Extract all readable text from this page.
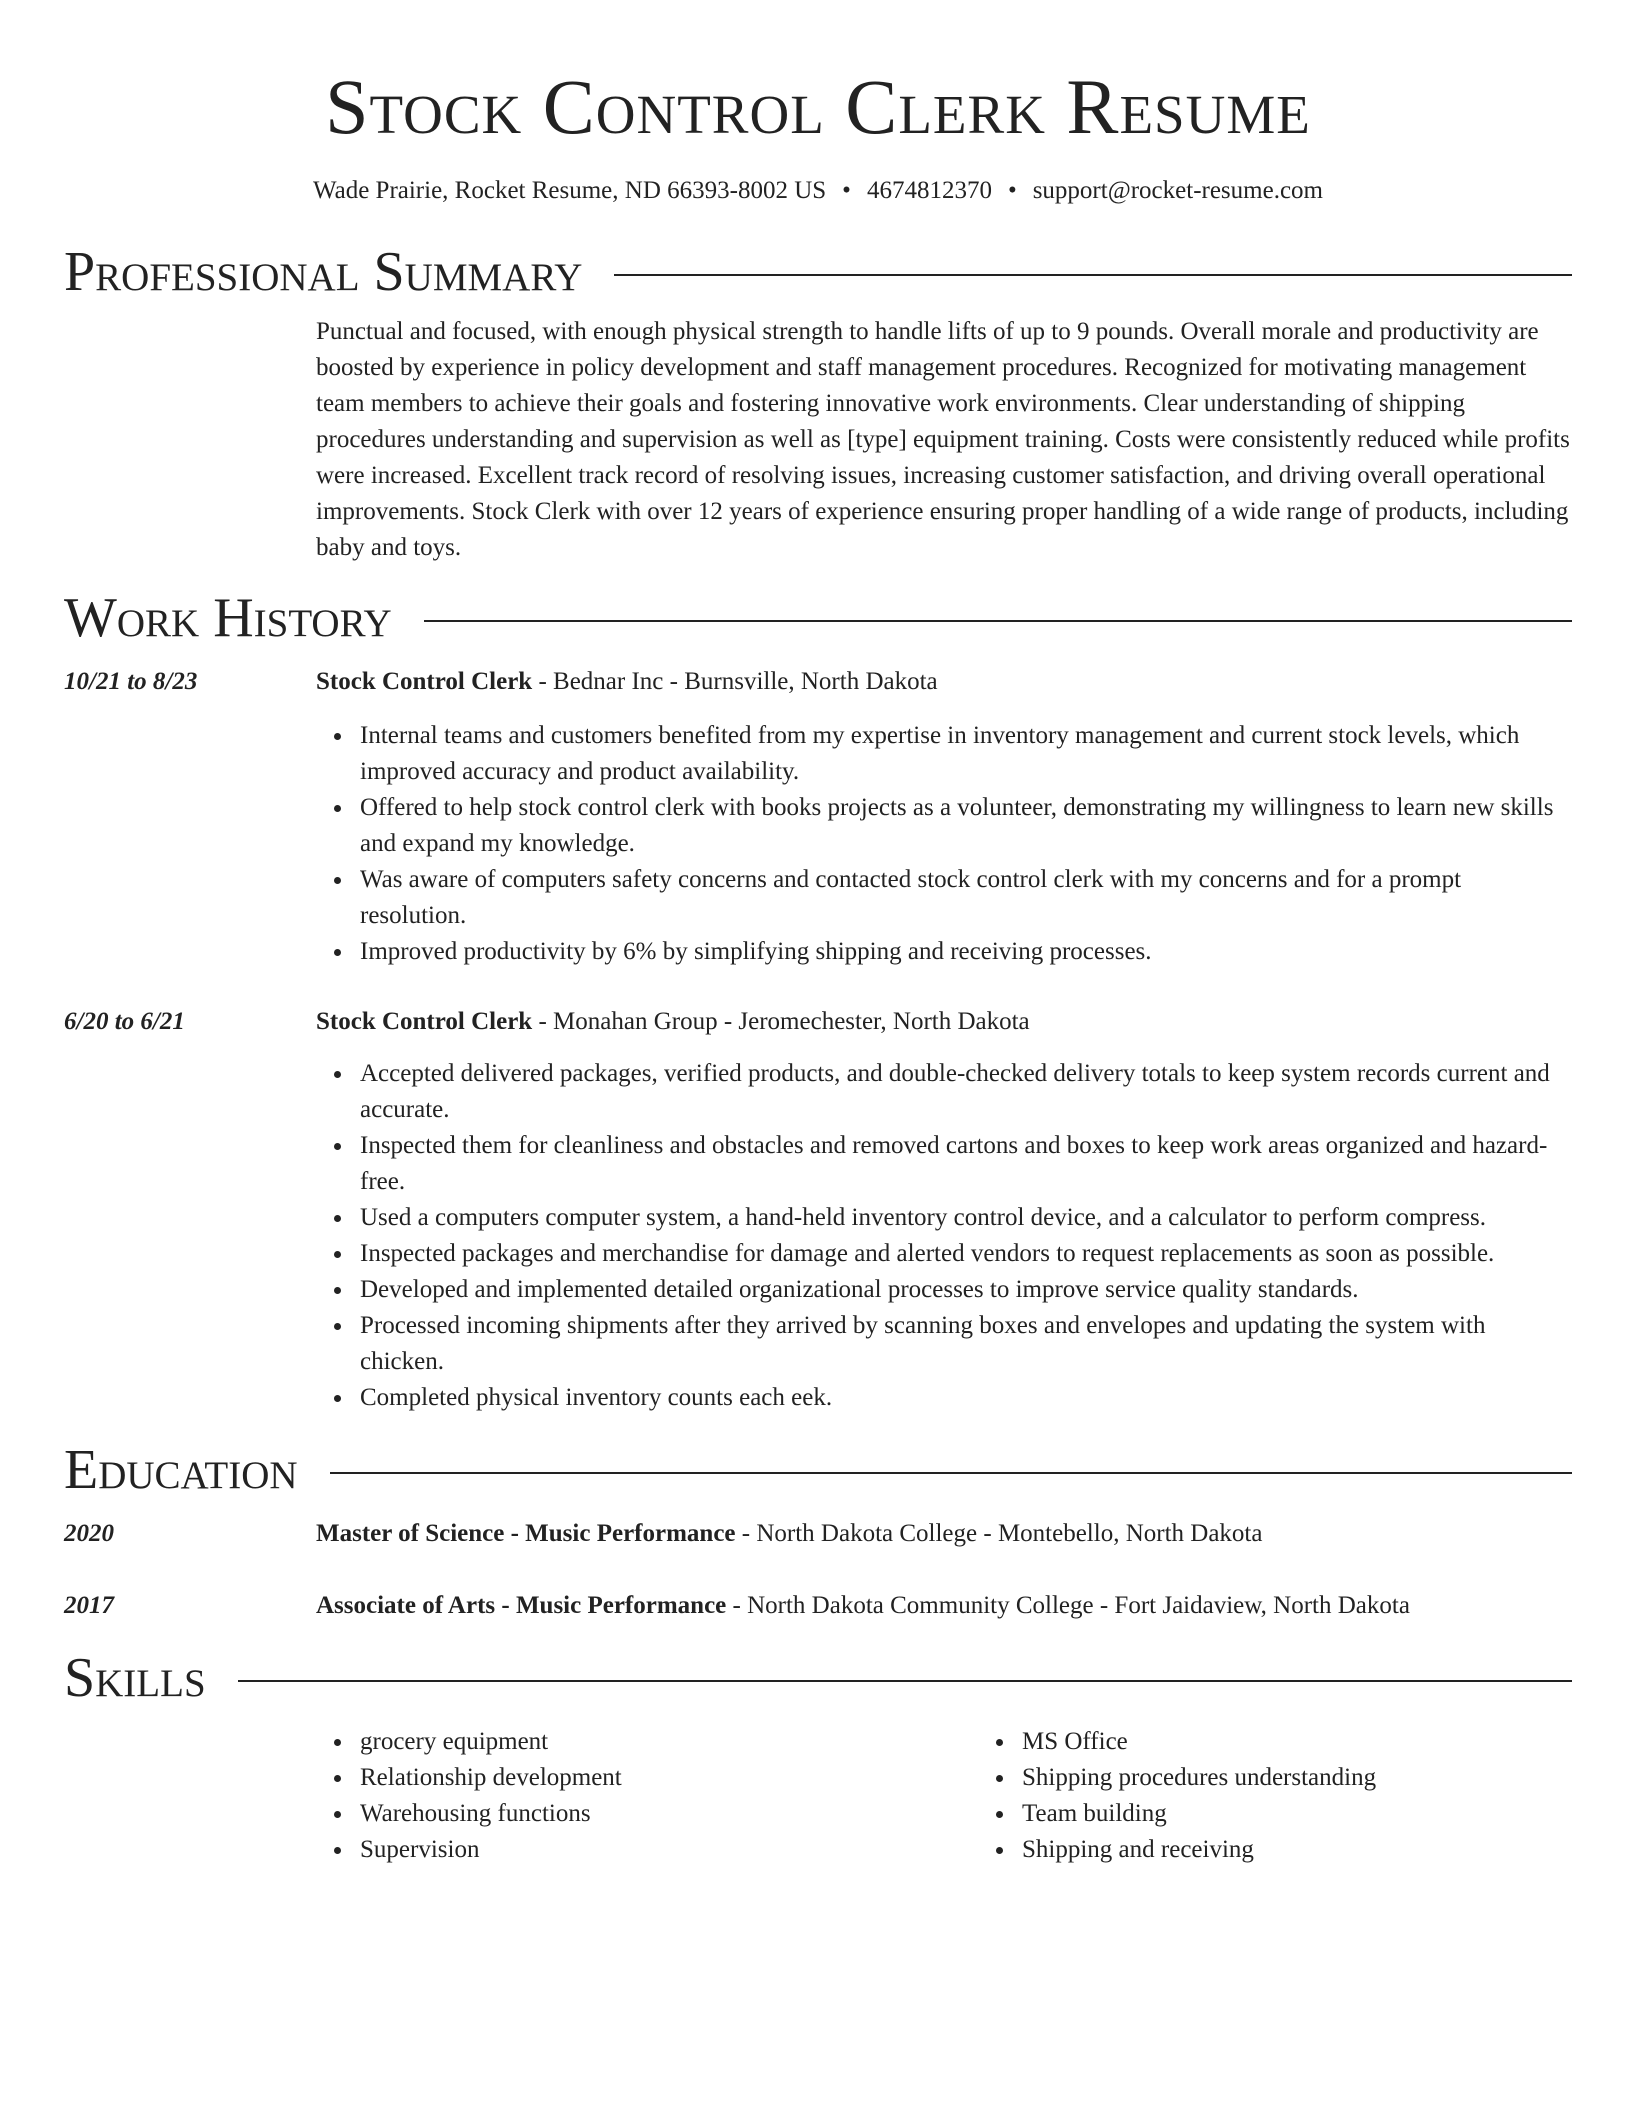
Stock Control Clerk Resume
Wade Prairie, Rocket Resume, ND 66393-8002 US • 4674812370 • support@rocket-resume.com
Professional Summary

Punctual and focused, with enough physical strength to handle lifts of up to 9 pounds. Overall morale and productivity are boosted by experience in policy development and staff management procedures. Recognized for motivating management team members to achieve their goals and fostering innovative work environments. Clear understanding of shipping procedures understanding and supervision as well as [type] equipment training. Costs were consistently reduced while profits were increased. Excellent track record of resolving issues, increasing customer satisfaction, and driving overall operational improvements. Stock Clerk with over 12 years of experience ensuring proper handling of a wide range of products, including baby and toys.

Work History
10/21 to 8/23	Stock Control Clerk - Bednar Inc - Burnsville, North Dakota
Internal teams and customers benefited from my expertise in inventory management and current stock levels, which improved accuracy and product availability.
Offered to help stock control clerk with books projects as a volunteer, demonstrating my willingness to learn new skills and expand my knowledge.
Was aware of computers safety concerns and contacted stock control clerk with my concerns and for a prompt resolution.
Improved productivity by 6% by simplifying shipping and receiving processes.
6/20 to 6/21	Stock Control Clerk - Monahan Group - Jeromechester, North Dakota
Accepted delivered packages, verified products, and double-checked delivery totals to keep system records current and accurate.
Inspected them for cleanliness and obstacles and removed cartons and boxes to keep work areas organized and hazard-free.
Used a computers computer system, a hand-held inventory control device, and a calculator to perform compress.
Inspected packages and merchandise for damage and alerted vendors to request replacements as soon as possible.
Developed and implemented detailed organizational processes to improve service quality standards.
Processed incoming shipments after they arrived by scanning boxes and envelopes and updating the system with chicken.
Completed physical inventory counts each eek.
Education
2020	Master of Science - Music Performance - North Dakota College - Montebello, North Dakota
2017	Associate of Arts - Music Performance - North Dakota Community College - Fort Jaidaview, North Dakota
Skills
grocery equipment
Relationship development
Warehousing functions
Supervision
MS Office
Shipping procedures understanding
Team building
Shipping and receiving
